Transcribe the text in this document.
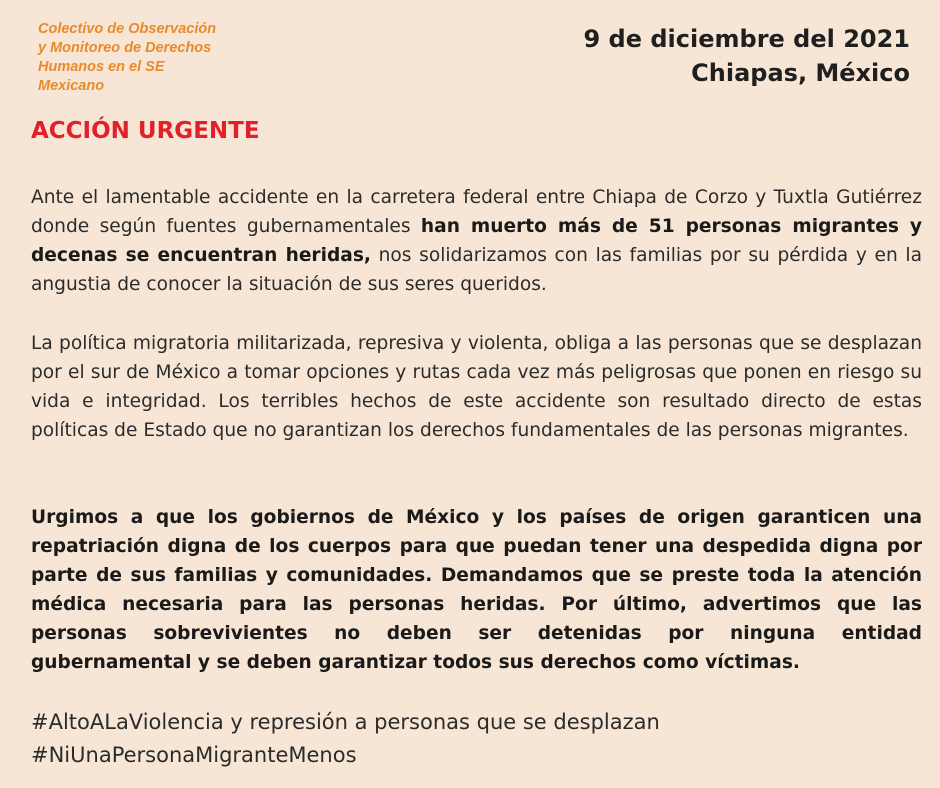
Colectivo de Observación
y Monitoreo de Derechos
Humanos en el SE
Mexicano
9 de diciembre del 2021
Chiapas, México
ACCIÓN URGENTE

Ante el lamentable accidente en la carretera federal entre Chiapa de Corzo y Tuxtla Gutiérrez donde según fuentes gubernamentales han muerto más de 51 personas migrantes y decenas se encuentran heridas, nos solidarizamos con las familias por su pérdida y en la angustia de conocer la situación de sus seres queridos.

La política migratoria militarizada, represiva y violenta, obliga a las personas que se desplazan por el sur de México a tomar opciones y rutas cada vez más peligrosas que ponen en riesgo su vida e integridad. Los terribles hechos de este accidente son resultado directo de estas políticas de Estado que no garantizan los derechos fundamentales de las personas migrantes.

Urgimos a que los gobiernos de México y los países de origen garanticen una repatriación digna de los cuerpos para que puedan tener una despedida digna por parte de sus familias y comunidades. Demandamos que se preste toda la atención médica necesaria para las personas heridas. Por último, advertimos que las personas sobrevivientes no deben ser detenidas por ninguna entidad gubernamental y se deben garantizar todos sus derechos como víctimas.

#AltoALaViolencia y represión a personas que se desplazan
#NiUnaPersonaMigranteMenos
